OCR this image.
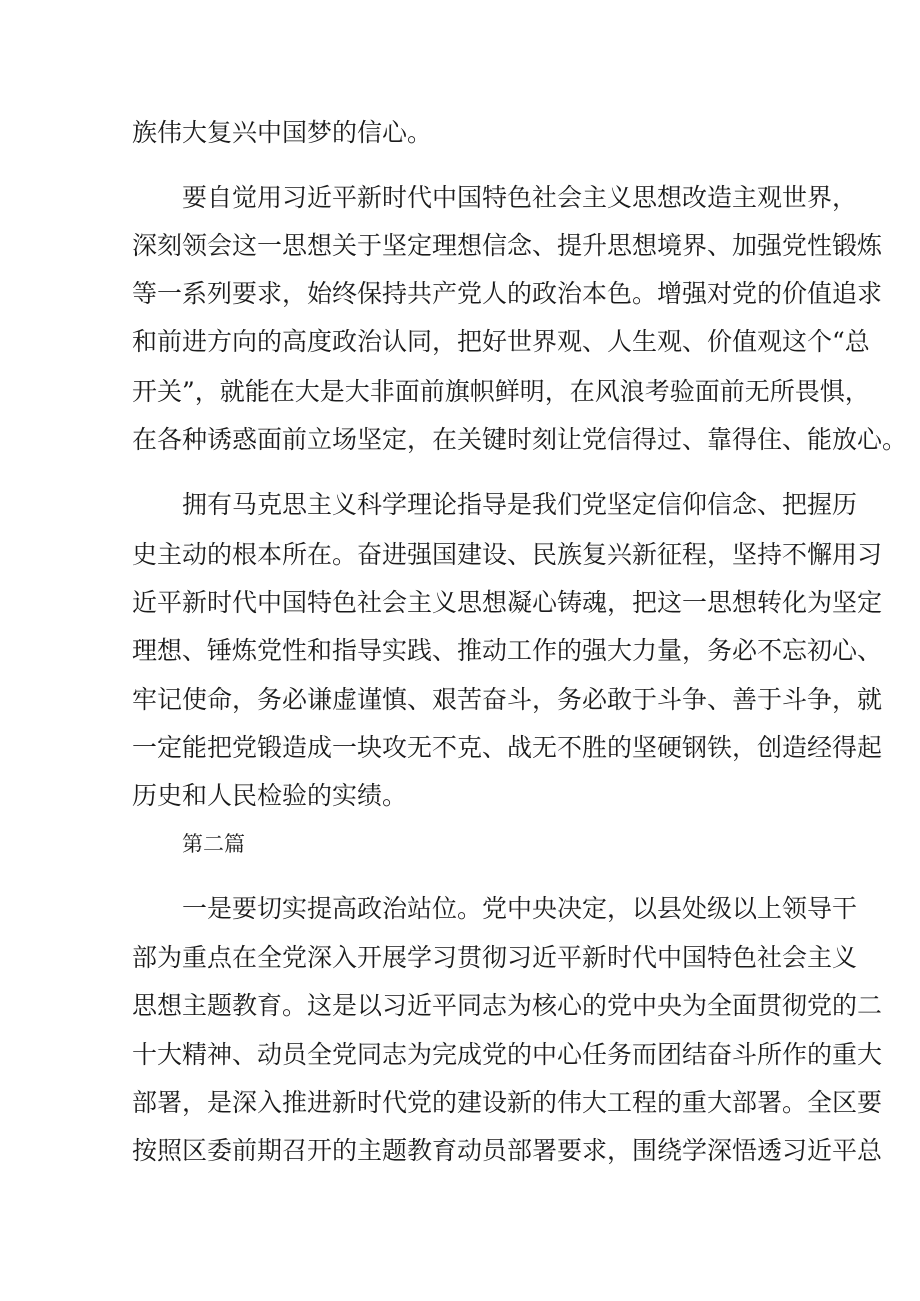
族伟大复兴中国梦的信心。
要自觉用习近平新时代中国特色社会主义思想改造主观世界，
深刻领会这一思想关于坚定理想信念、提升思想境界、加强党性锻炼
等一系列要求，始终保持共产党人的政治本色。增强对党的价值追求
和前进方向的高度政治认同，把好世界观、人生观、价值观这个“总
开关”，就能在大是大非面前旗帜鲜明，在风浪考验面前无所畏惧，
在各种诱惑面前立场坚定，在关键时刻让党信得过、靠得住、能放心。
拥有马克思主义科学理论指导是我们党坚定信仰信念、把握历
史主动的根本所在。奋进强国建设、民族复兴新征程，坚持不懈用习
近平新时代中国特色社会主义思想凝心铸魂，把这一思想转化为坚定
理想、锤炼党性和指导实践、推动工作的强大力量，务必不忘初心、
牢记使命，务必谦虚谨慎、艰苦奋斗，务必敢于斗争、善于斗争，就
一定能把党锻造成一块攻无不克、战无不胜的坚硬钢铁，创造经得起
历史和人民检验的实绩。
第二篇
一是要切实提高政治站位。党中央决定，以县处级以上领导干
部为重点在全党深入开展学习贯彻习近平新时代中国特色社会主义
思想主题教育。这是以习近平同志为核心的党中央为全面贯彻党的二
十大精神、动员全党同志为完成党的中心任务而团结奋斗所作的重大
部署，是深入推进新时代党的建设新的伟大工程的重大部署。全区要
按照区委前期召开的主题教育动员部署要求，围绕学深悟透习近平总
